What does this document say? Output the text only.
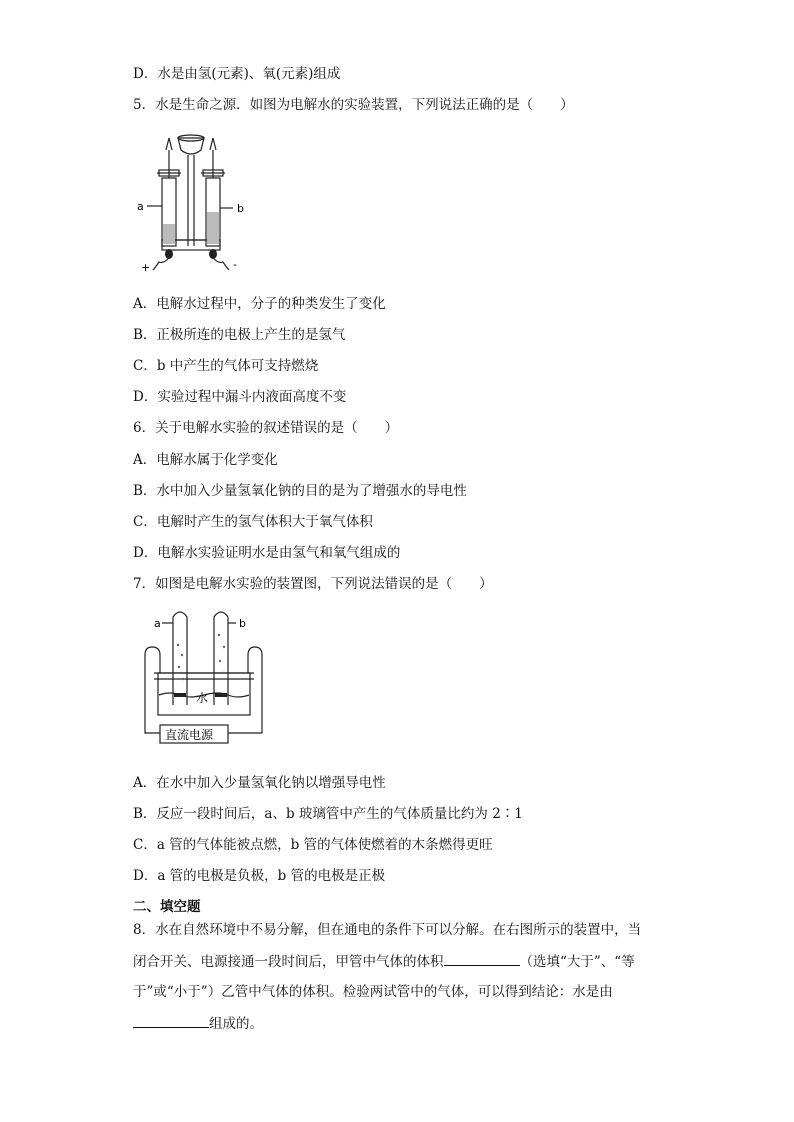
D．水是由氢(元素)、氧(元素)组成
5．水是生命之源．如图为电解水的实验装置，下列说法正确的是（　　）
a	b
+	-
A．电解水过程中，分子的种类发生了变化
B．正极所连的电极上产生的是氢气
C．b 中产生的气体可支持燃烧
D．实验过程中漏斗内液面高度不变
6．关于电解水实验的叙述错误的是（　　）
A．电解水属于化学变化
B．水中加入少量氢氧化钠的目的是为了增强水的导电性
C．电解时产生的氢气体积大于氧气体积
D．电解水实验证明水是由氢气和氧气组成的
7．如图是电解水实验的装置图，下列说法错误的是（　　）
a	b
水
直流电源
A．在水中加入少量氢氧化钠以增强导电性
B．反应一段时间后，a、b 玻璃管中产生的气体质量比约为 2∶1
C．a 管的气体能被点燃，b 管的气体使燃着的木条燃得更旺
D．a 管的电极是负极，b 管的电极是正极
二、填空题
8．水在自然环境中不易分解，但在通电的条件下可以分解。在右图所示的装置中，当
闭合开关、电源接通一段时间后，甲管中气体的体积	（选填“大于”、“等
于”或“小于”）乙管中气体的体积。检验两试管中的气体，可以得到结论：水是由
组成的。
